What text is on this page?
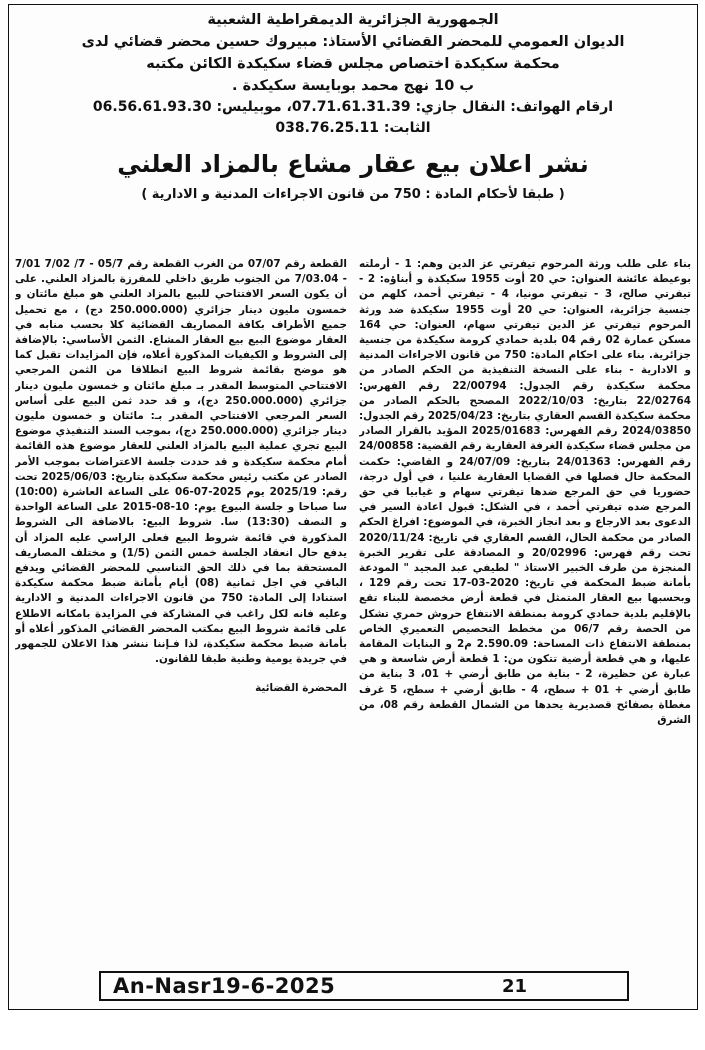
الجمهورية الجزائرية الديمقراطية الشعبية
الديوان العمومي للمحضر القضائي الأستاذ: مبيروك حسين محضر قضائي لدى
محكمة سكيكدة اختصاص مجلس قضاء سكيكدة الكائن مكتبه
ب 10 نهج محمد بوبايسة سكيكدة .
ارقام الهواتف: النقال جازي: 07.71.61.31.39، موبيليس: 06.56.61.93.30
الثابت: 038.76.25.11
نشر اعلان بيع عقار مشاع بالمزاد العلني
( طبقا لأحكام المادة : 750 من قانون الاجراءات المدنية و الادارية )

بناء على طلب ورثة المرحوم تيفرتي عز الدين وهم: 1 - أرملته بوعيطة عائشة العنوان: حي 20 أوت 1955 سكيكدة و أبناؤه: 2 - تيفرتي صالح، 3 - تيفرتي مونيا، 4 - تيفرتي أحمد، كلهم من جنسية جزائرية، العنوان: حي 20 أوت 1955 سكيكدة ضد ورثة المرحوم تيفرتي عز الدين تيفرتي سهام، العنوان: حي 164 مسكن عمارة 02 رقم 04 بلدية حمادي كرومة سكيكدة من جنسية جزائرية. بناء على احكام المادة: 750 من قانون الاجراءات المدنية و الادارية - بناء على النسخة التنفيذية من الحكم الصادر من محكمة سكيكدة رقم الجدول: 22/00794 رقم الفهرس: 22/02764 بتاريخ: 2022/10/03 المصحح بالحكم الصادر من محكمة سكيكدة القسم العقاري بتاريخ: 2025/04/23 رقم الجدول: 2024/03850 رقم الفهرس: 2025/01683 المؤيد بالقرار الصادر من مجلس قضاء سكيكدة الغرفة العقارية رقم القضية: 24/00858 رقم الفهرس: 24/01363 بتاريخ: 24/07/09 و القاضي: حكمت المحكمة حال فصلها في القضايا العقارية علنيا ، في أول درجة، حضوريا في حق المرجع ضدها تيفرتي سهام و غيابيا في حق المرجع ضده تيفرتي أحمد ، في الشكل: قبول اعادة السير في الدعوى بعد الارجاع و بعد انجاز الخبرة، في الموضوع: افراغ الحكم الصادر من محكمة الحال، القسم العقاري في تاريخ: 2020/11/24 تحت رقم فهرس: 20/02996 و المصادقة على تقرير الخبرة المنجزة من طرف الخبير الاستاذ " لطيفي عبد المجيد " المودعة بأمانة ضبط المحكمة في تاريخ: 2020-03-17 تحت رقم 129 ، وبحسبها بيع العقار المتمثل في قطعة أرض مخصصة للبناء تقع بالإقليم بلدية حمادي كرومة بمنطقة الانتفاع حروش حمري تشكل من الحصة رقم 06/7 من مخطط التحصيص التعميري الخاص بمنطقة الانتفاع ذات المساحة: 2.590.09 م2 و البنايات المقامة عليها، و هي قطعة أرضية تتكون من: 1 قطعة أرض شاسعة و هي عبارة عن حظيرة، 2 - بناية من طابق أرضي + 01، 3 بناية من طابق أرضي + 01 + سطح، 4 - طابق أرضي + سطح، 5 غرف مغطاة بصفائح قصديرية يحدها من الشمال القطعة رقم 08، من الشرق

القطعة رقم 07/07 من الغرب القطعة رقم 05/7 - 7/ 7/02 7/01 - 7/03.04 من الجنوب طريق داخلي للمفرزة بالمزاد العلني. على أن يكون السعر الافتتاحي للبيع بالمزاد العلني هو مبلغ مائتان و خمسون مليون دينار جزائري (250.000.000 دج) ، مع تحميل جميع الأطراف بكافة المصاريف القضائية كلا بحسب منابه في العقار موضوع البيع بيع العقار المشاع. الثمن الأساسي: بالإضافة إلى الشروط و الكيفيات المذكورة أعلاه، فإن المزايدات تقبل كما هو موضح بقائمة شروط البيع انطلاقا من الثمن المرجعي الافتتاحي المتوسط المقدر بـ مبلغ مائتان و خمسون مليون دينار جزائري (250.000.000 دج)، و قد حدد ثمن البيع على أساس السعر المرجعي الافتتاحي المقدر بـ: مائتان و خمسون مليون دينار جزائري (250.000.000 دج)، بموجب السند التنفيذي موضوع البيع تجري عملية البيع بالمزاد العلني للعقار موضوع هذه القائمة أمام محكمة سكيكدة و قد حددت جلسة الاعتراضات بموجب الأمر الصادر عن مكتب رئيس محكمة سكيكدة بتاريخ: 2025/06/03 تحت رقم: 2025/19 يوم 2025-07-06 على الساعة العاشرة (10:00) سا صباحا و جلسة البيوع يوم: 10-08-2015 على الساعة الواحدة و النصف (13:30) سا. شروط البيع: بالاضافة الى الشروط المذكورة في قائمة شروط البيع فعلى الراسي عليه المزاد أن يدفع حال انعقاد الجلسة خمس الثمن (1/5) و مختلف المصاريف المستحقة بما في ذلك الحق التناسبي للمحضر القضائي ويدفع الباقي في اجل ثمانية (08) أيام بأمانة ضبط محكمة سكيكدة استنادا إلى المادة: 750 من قانون الاجراءات المدنية و الادارية وعليه فانه لكل راغب في المشاركة في المزايدة بامكانه الاطلاع على قائمة شروط البيع بمكتب المحضر القضائي المذكور أعلاه أو بأمانة ضبط محكمة سكيكدة، لذا فـإننا ننشر هذا الاعلان للجمهور في جريدة يومية وطنية طبقا للقانون.

المحضرة القضائية
An-Nasr19-6-2025	21
